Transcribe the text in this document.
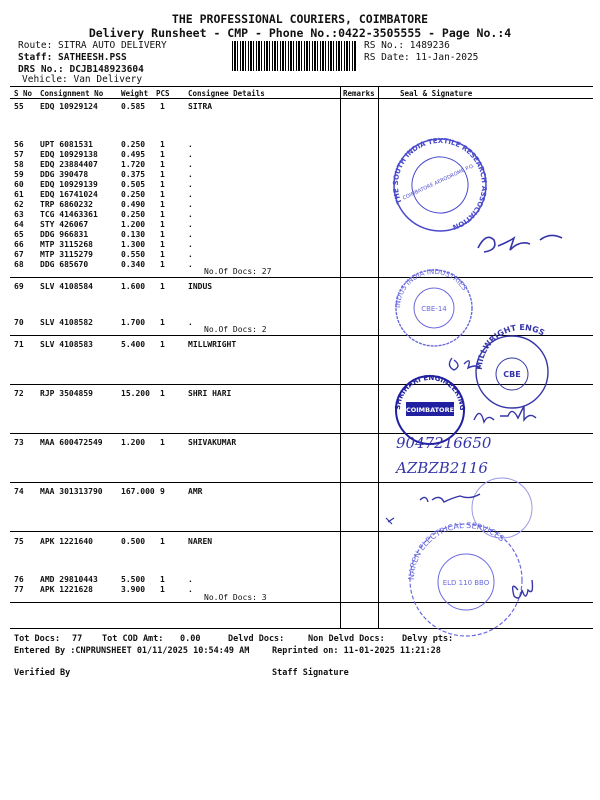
THE PROFESSIONAL COURIERS, COIMBATORE
Delivery Runsheet - CMP - Phone No.:0422-3505555 - Page No.:4
Route: SITRA AUTO DELIVERY
Staff: SATHEESH.PSS
DRS No.: DCJB148923604
Vehicle: Van Delivery
RS No.: 1489236
RS Date: 11-Jan-2025
S No Consignment No Weight PCS Consignee Details	Remarks	Seal & Signature
55 EDQ 10929124	0.585 1	SITRA
56 UPT 6081531	0.250 1	.
57 EDQ 10929138	0.495 1	.
58 EDQ 23884407	1.720 1	.
59 DDG 390478	0.375 1	.
60 EDQ 10929139	0.505 1	.
61 EDQ 16741024	0.250 1	.
62 TRP 6860232	0.490 1	.
63 TCG 41463361	0.250 1	.
64 STY 426067	1.200 1	.
65 DDG 966831	0.130 1	.
66 MTP 3115268	1.300 1	.
67 MTP 3115279	0.550 1	.
68 DDG 685670	0.340 1	.
69 SLV 4108584	1.600 1	INDUS
70 SLV 4108582	1.700 1	.
71 SLV 4108583	5.400 1	MILLWRIGHT
72 RJP 3504859	15.200 1	SHRI HARI
73 MAA 600472549 1.200 1	SHIVAKUMAR
74 MAA 301313790 167.000 9	AMR
75 APK 1221640	0.500 1	NAREN
76 AMD 29810443	5.500 1	.
77 APK 1221628	3.900 1	.
No.Of Docs: 27
No.Of Docs: 2
No.Of Docs: 3
THE SOUTH INDIA TEXTILE RESEARCH ASSOCIATION
COIMBATORE AERODROME P.O.
INDUS INDIA INDUSTRIES
CBE-14
MILLWRIGHT ENGS
CBE
COIMBATORE
SHRIHARI ENGINEERING
9047216650
AZBZB2116
NAREN ELECTRICAL SERVICES
ELD 110 BBO
Tot Docs: 77 Tot COD Amt: 0.00	Delvd Docs:	Non Delvd Docs: Delvy pts:
Entered By :CNPRUNSHEET 01/11/2025 10:54:49 AM	Reprinted on: 11-01-2025 11:21:28
Verified By	Staff Signature
